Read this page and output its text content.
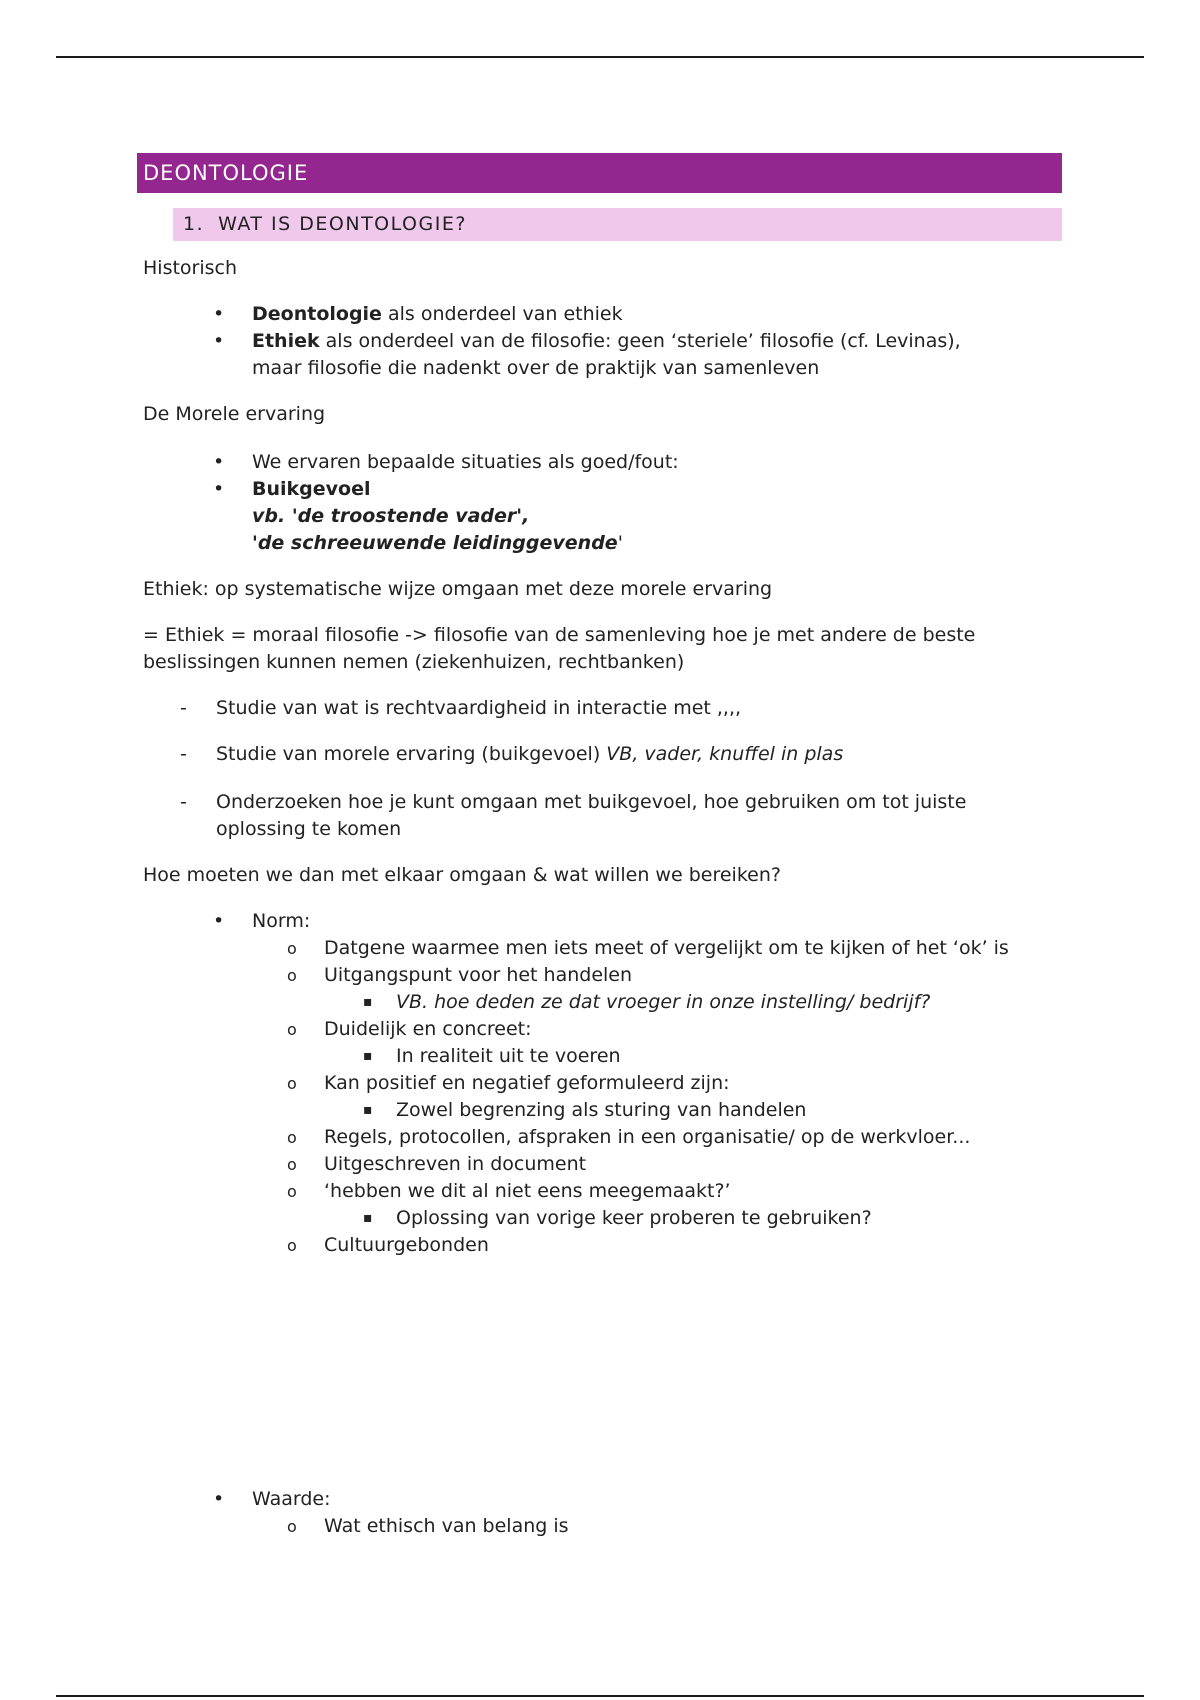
DEONTOLOGIE
1. WAT IS DEONTOLOGIE?

Historisch

• Deontologie als onderdeel van ethiek
• Ethiek als onderdeel van de filosofie: geen ‘steriele’ filosofie (cf. Levinas),
maar filosofie die nadenkt over de praktijk van samenleven

De Morele ervaring

• We ervaren bepaalde situaties als goed/fout:
• Buikgevoel
vb. 'de troostende vader',
'de schreeuwende leidinggevende'

Ethiek: op systematische wijze omgaan met deze morele ervaring

= Ethiek = moraal filosofie -> filosofie van de samenleving hoe je met andere de beste
beslissingen kunnen nemen (ziekenhuizen, rechtbanken)

- Studie van wat is rechtvaardigheid in interactie met ,,,,
- Studie van morele ervaring (buikgevoel) VB, vader, knuffel in plas
- Onderzoeken hoe je kunt omgaan met buikgevoel, hoe gebruiken om tot juiste
oplossing te komen

Hoe moeten we dan met elkaar omgaan & wat willen we bereiken?

• Norm:
o Datgene waarmee men iets meet of vergelijkt om te kijken of het ‘ok’ is
o Uitgangspunt voor het handelen
▪ VB. hoe deden ze dat vroeger in onze instelling/ bedrijf?
o Duidelijk en concreet:
▪ In realiteit uit te voeren
o Kan positief en negatief geformuleerd zijn:
▪ Zowel begrenzing als sturing van handelen
o Regels, protocollen, afspraken in een organisatie/ op de werkvloer...
o Uitgeschreven in document
o ‘hebben we dit al niet eens meegemaakt?’
▪ Oplossing van vorige keer proberen te gebruiken?
o Cultuurgebonden
• Waarde:
o Wat ethisch van belang is
